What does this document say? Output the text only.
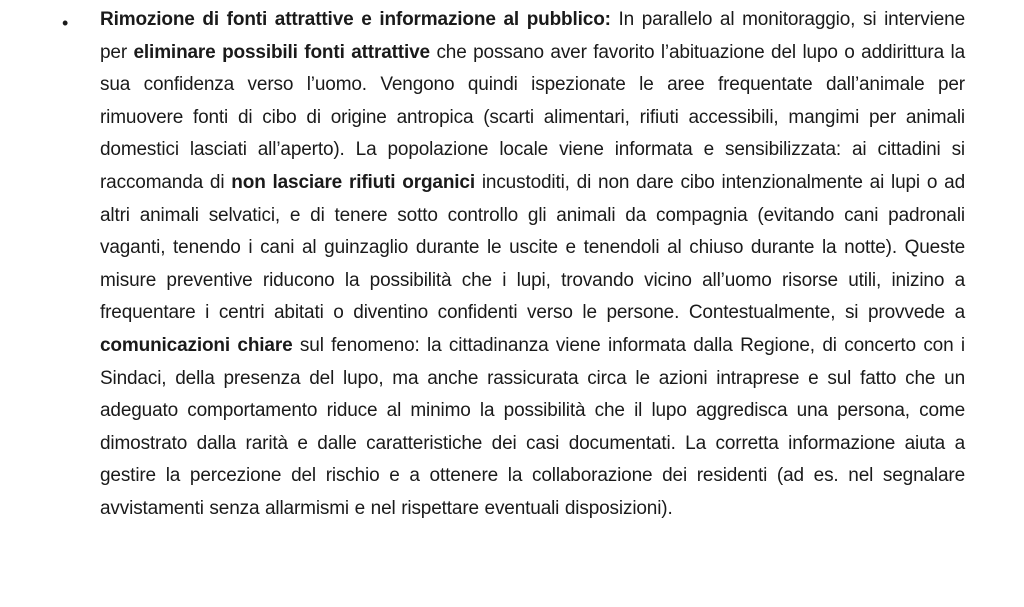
• Rimozione di fonti attrattive e informazione al pubblico: In parallelo al monitoraggio, si interviene per eliminare possibili fonti attrattive che possano aver favorito l’abituazione del lupo o addirittura la sua confidenza verso l’uomo. Vengono quindi ispezionate le aree frequentate dall’animale per rimuovere fonti di cibo di origine antropica (scarti alimentari, rifiuti accessibili, mangimi per animali domestici lasciati all’aperto). La popolazione locale viene informata e sensibilizzata: ai cittadini si raccomanda di non lasciare rifiuti organici incustoditi, di non dare cibo intenzionalmente ai lupi o ad altri animali selvatici, e di tenere sotto controllo gli animali da compagnia (evitando cani padronali vaganti, tenendo i cani al guinzaglio durante le uscite e tenendoli al chiuso durante la notte). Queste misure preventive riducono la possibilità che i lupi, trovando vicino all’uomo risorse utili, inizino a frequentare i centri abitati o diventino confidenti verso le persone. Contestualmente, si provvede a comunicazioni chiare sul fenomeno: la cittadinanza viene informata dalla Regione, di concerto con i Sindaci, della presenza del lupo, ma anche rassicurata circa le azioni intraprese e sul fatto che un adeguato comportamento riduce al minimo la possibilità che il lupo aggredisca una persona, come dimostrato dalla rarità e dalle caratteristiche dei casi documentati. La corretta informazione aiuta a gestire la percezione del rischio e a ottenere la collaborazione dei residenti (ad es. nel segnalare avvistamenti senza allarmismi e nel rispettare eventuali disposizioni).
